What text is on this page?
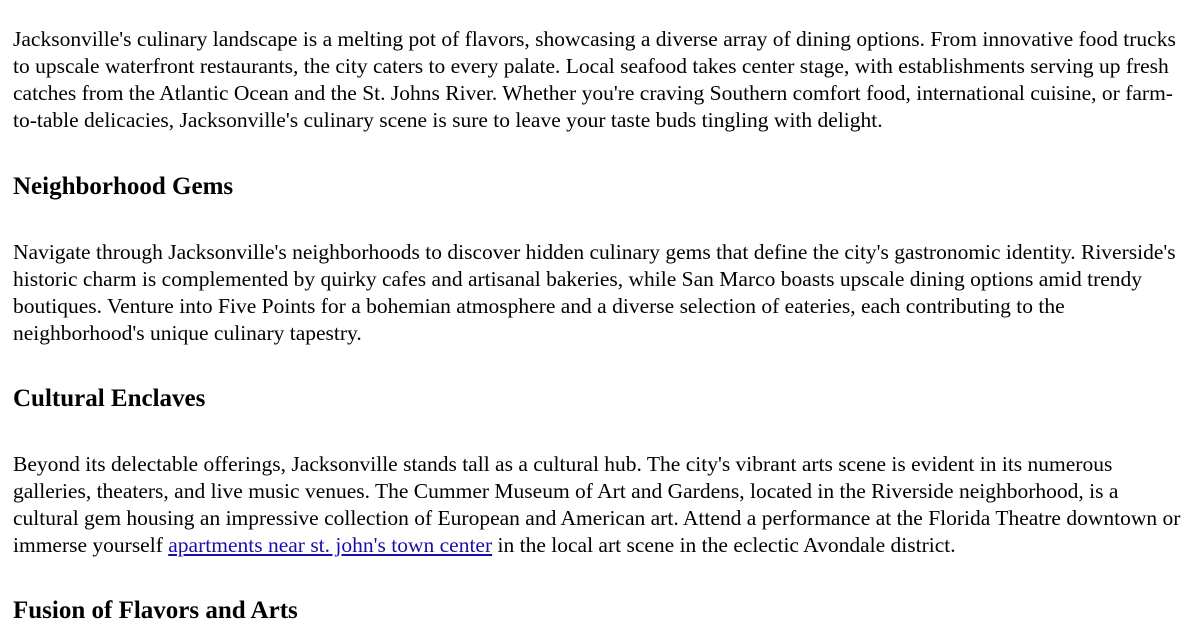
Jacksonville's culinary landscape is a melting pot of flavors, showcasing a diverse array of dining options. From innovative food trucks to upscale waterfront restaurants, the city caters to every palate. Local seafood takes center stage, with establishments serving up fresh catches from the Atlantic Ocean and the St. Johns River. Whether you're craving Southern comfort food, international cuisine, or farm-to-table delicacies, Jacksonville's culinary scene is sure to leave your taste buds tingling with delight.

Neighborhood Gems

Navigate through Jacksonville's neighborhoods to discover hidden culinary gems that define the city's gastronomic identity. Riverside's historic charm is complemented by quirky cafes and artisanal bakeries, while San Marco boasts upscale dining options amid trendy boutiques. Venture into Five Points for a bohemian atmosphere and a diverse selection of eateries, each contributing to the neighborhood's unique culinary tapestry.

Cultural Enclaves

Beyond its delectable offerings, Jacksonville stands tall as a cultural hub. The city's vibrant arts scene is evident in its numerous galleries, theaters, and live music venues. The Cummer Museum of Art and Gardens, located in the Riverside neighborhood, is a cultural gem housing an impressive collection of European and American art. Attend a performance at the Florida Theatre downtown or immerse yourself apartments near st. john's town center in the local art scene in the eclectic Avondale district.

Fusion of Flavors and Arts
